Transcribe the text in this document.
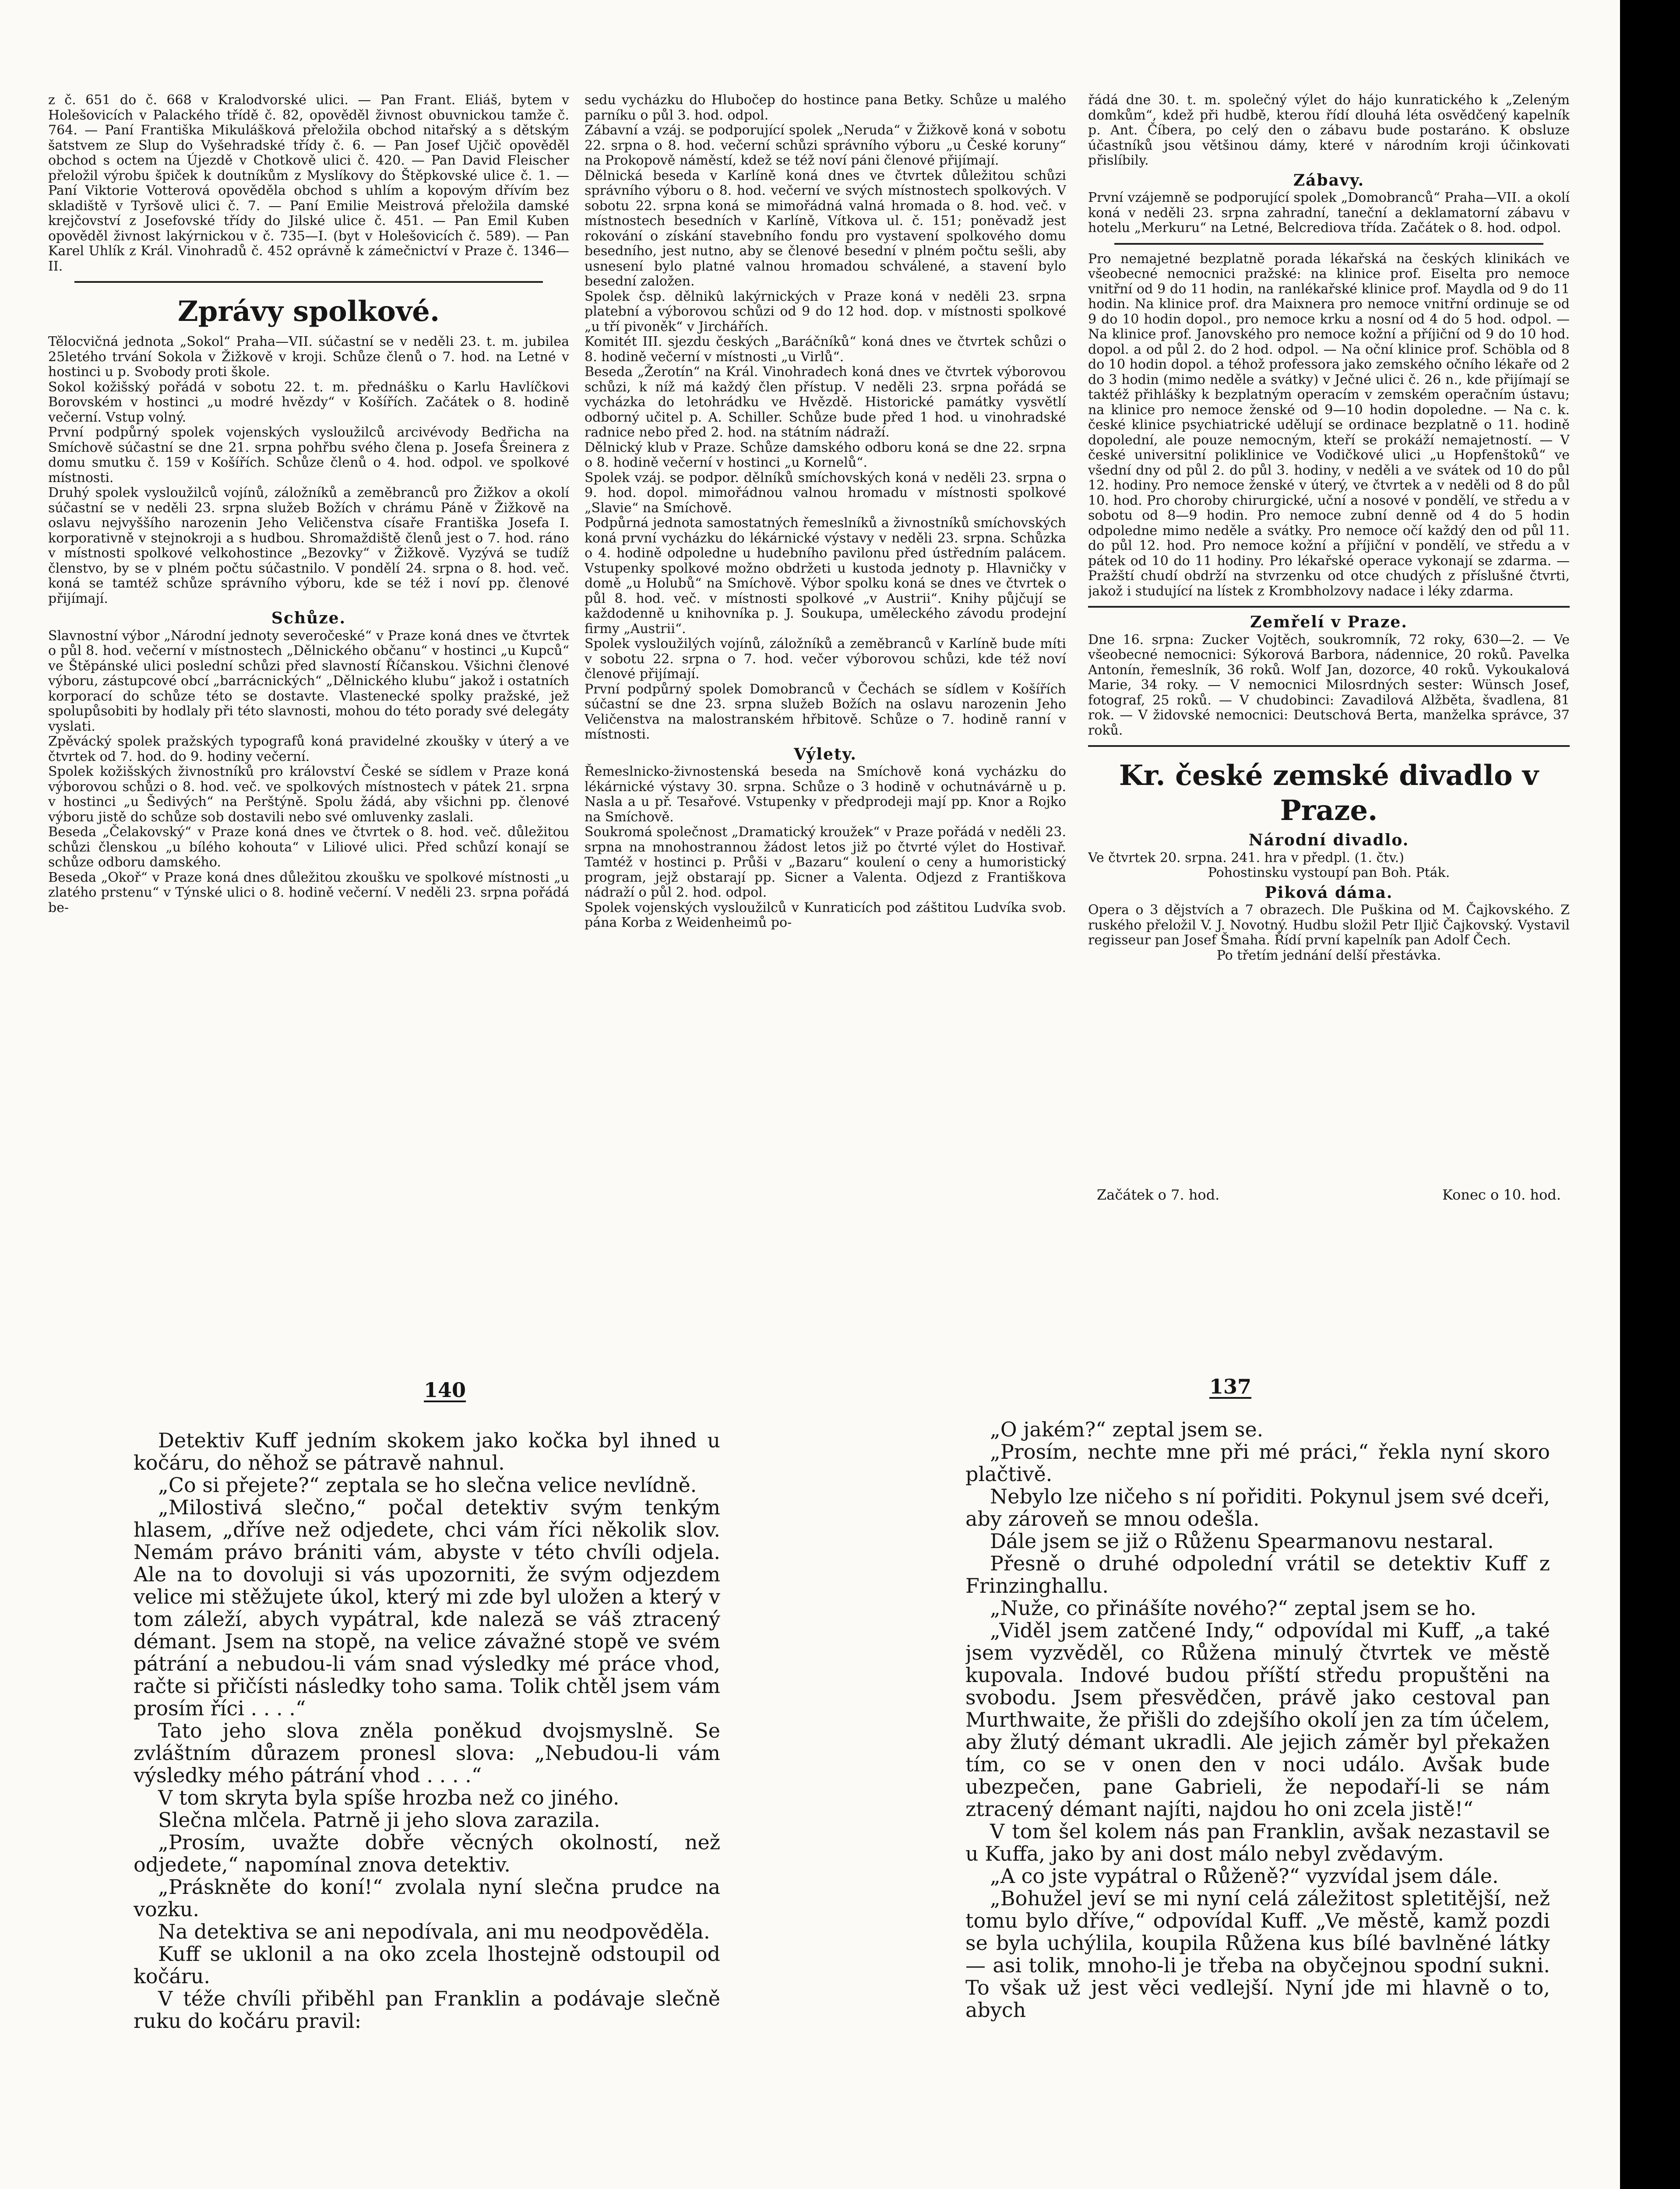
z č. 651 do č. 668 v Kralodvorské ulici. — Pan Frant. Eliáš, bytem v Holešovicích v Palackého třídě č. 82, opověděl živnost obuvnickou tamže č. 764. — Paní Františka Mikulášková přeložila obchod nitařský a s dětským šatstvem ze Slup do Vyšehradské třídy č. 6. — Pan Josef Ujčič opověděl obchod s octem na Újezdě v Chotkově ulici č. 420. — Pan David Fleischer přeložil výrobu špiček k doutníkům z Myslíkovy do Štěpkovské ulice č. 1. — Paní Viktorie Votterová opověděla obchod s uhlím a kopovým dřívím bez skladiště v Tyršově ulici č. 7. — Paní Emilie Meistrová přeložila damské krejčovství z Josefovské třídy do Jilské ulice č. 451. — Pan Emil Kuben opověděl živnost lakýrnickou v č. 735—I. (byt v Holešovicích č. 589). — Pan Karel Uhlík z Král. Vinohradů č. 452 oprávně k zámečnictví v Praze č. 1346—II.

Zprávy spolkové.

Tělocvičná jednota „Sokol“ Praha—VII. súčastní se v neděli 23. t. m. jubilea 25letého trvání Sokola v Žižkově v kroji. Schůze členů o 7. hod. na Letné v hostinci u p. Svobody proti škole.

Sokol kožišský pořádá v sobotu 22. t. m. přednášku o Karlu Havlíčkovi Borovském v hostinci „u modré hvězdy“ v Košířích. Začátek o 8. hodině večerní. Vstup volný.

První podpůrný spolek vojenských vysloužilců arcivévody Bedřicha na Smíchově súčastní se dne 21. srpna pohřbu svého člena p. Josefa Šreinera z domu smutku č. 159 v Košířích. Schůze členů o 4. hod. odpol. ve spolkové místnosti.

Druhý spolek vysloužilců vojínů, záložníků a zeměbranců pro Žižkov a okolí súčastní se v neděli 23. srpna služeb Božích v chrámu Páně v Žižkově na oslavu nejvyššího narozenin Jeho Veličenstva císaře Františka Josefa I. korporativně v stejnokroji a s hudbou. Shromaždiště členů jest o 7. hod. ráno v místnosti spolkové velkohostince „Bezovky“ v Žižkově. Vyzývá se tudíž členstvo, by se v plném počtu súčastnilo. V pondělí 24. srpna o 8. hod. več. koná se tamtéž schůze správního výboru, kde se též i noví pp. členové přijímají.

Schůze.

Slavnostní výbor „Národní jednoty severočeské“ v Praze koná dnes ve čtvrtek o půl 8. hod. večerní v místnostech „Dělnického občanu“ v hostinci „u Kupců“ ve Štěpánské ulici poslední schůzi před slavností Říčanskou. Všichni členové výboru, zástupcové obcí „barrácnických“ „Dělnického klubu“ jakož i ostatních korporací do schůze této se dostavte. Vlastenecké spolky pražské, jež spolupůsobiti by hodlaly při této slavnosti, mohou do této porady své delegáty vyslati.

Zpěvácký spolek pražských typografů koná pravidelné zkoušky v úterý a ve čtvrtek od 7. hod. do 9. hodiny večerní.

Spolek kožišských živnostníků pro království České se sídlem v Praze koná výborovou schůzi o 8. hod. več. ve spolkových místnostech v pátek 21. srpna v hostinci „u Šedivých“ na Perštýně. Spolu žádá, aby všichni pp. členové výboru jistě do schůze sob dostavili nebo své omluvenky zaslali.

Beseda „Čelakovský“ v Praze koná dnes ve čtvrtek o 8. hod. več. důležitou schůzi členskou „u bílého kohouta“ v Liliové ulici. Před schůzí konají se schůze odboru damského.

Beseda „Okoř“ v Praze koná dnes důležitou zkoušku ve spolkové místnosti „u zlatého prstenu“ v Týnské ulici o 8. hodině večerní. V neděli 23. srpna pořádá be-

sedu vycházku do Hlubočep do hostince pana Betky. Schůze u malého parníku o půl 3. hod. odpol.

Zábavní a vzáj. se podporující spolek „Neruda“ v Žižkově koná v sobotu 22. srpna o 8. hod. večerní schůzi správního výboru „u České koruny“ na Prokopově náměstí, kdež se též noví páni členové přijímají.

Dělnická beseda v Karlíně koná dnes ve čtvrtek důležitou schůzi správního výboru o 8. hod. večerní ve svých místnostech spolkových. V sobotu 22. srpna koná se mimořádná valná hromada o 8. hod. več. v místnostech besedních v Karlíně, Vítkova ul. č. 151; poněvadž jest rokování o získání stavebního fondu pro vystavení spolkového domu besedního, jest nutno, aby se členové besední v plném počtu sešli, aby usnesení bylo platné valnou hromadou schválené, a stavení bylo besední založen.

Spolek čsp. dělnikû lakýrnických v Praze koná v neděli 23. srpna platební a výborovou schůzi od 9 do 12 hod. dop. v místnosti spolkové „u tří pivoněk“ v Jirchářích.

Komitét III. sjezdu českých „Baráčníků“ koná dnes ve čtvrtek schůzi o 8. hodině večerní v místnosti „u Virlů“.

Beseda „Žerotín“ na Král. Vinohradech koná dnes ve čtvrtek výborovou schůzi, k níž má každý člen přístup. V neděli 23. srpna pořádá se vycházka do letohrádku ve Hvězdě. Historické památky vysvětlí odborný učitel p. A. Schiller. Schůze bude před 1 hod. u vinohradské radnice nebo před 2. hod. na státním nádraží.

Dělnický klub v Praze. Schůze damského odboru koná se dne 22. srpna o 8. hodině večerní v hostinci „u Kornelů“.

Spolek vzáj. se podpor. dělníků smíchovských koná v neděli 23. srpna o 9. hod. dopol. mimořádnou valnou hromadu v místnosti spolkové „Slavie“ na Smíchově.

Podpůrná jednota samostatných řemeslníků a živnostníků smíchovských koná první vycházku do lékárnické výstavy v neděli 23. srpna. Schůzka o 4. hodině odpoledne u hudebního pavilonu před ústředním palácem. Vstupenky spolkové možno obdržeti u kustoda jednoty p. Hlavničky v domě „u Holubů“ na Smíchově. Výbor spolku koná se dnes ve čtvrtek o půl 8. hod. več. v místnosti spolkové „v Austrii“. Knihy půjčují se každodenně u knihovníka p. J. Soukupa, uměleckého závodu prodejní firmy „Austrii“.

Spolek vysloužilých vojínů, záložníků a zeměbranců v Karlíně bude míti v sobotu 22. srpna o 7. hod. večer výborovou schůzi, kde též noví členové přijímají.

První podpůrný spolek Domobranců v Čechách se sídlem v Košířích súčastní se dne 23. srpna služeb Božích na oslavu narozenin Jeho Veličenstva na malostranském hřbitově. Schůze o 7. hodině ranní v místnosti.

Výlety.

Řemeslnicko-živnostenská beseda na Smíchově koná vycházku do lékárnické výstavy 30. srpna. Schůze o 3 hodině v ochutnávárně u p. Nasla a u př. Tesařové. Vstupenky v předprodeji mají pp. Knor a Rojko na Smíchově.

Soukromá společnost „Dramatický kroužek“ v Praze pořádá v neděli 23. srpna na mnohostrannou žádost letos již po čtvrté výlet do Hostivař. Tamtéž v hostinci p. Průši v „Bazaru“ koulení o ceny a humoristický program, jejž obstarají pp. Sicner a Valenta. Odjezd z Františkova nádraží o půl 2. hod. odpol.

Spolek vojenských vysloužilců v Kunraticích pod záštitou Ludvíka svob. pána Korba z Weidenheimů po-

řádá dne 30. t. m. společný výlet do hájo kunratického k „Zeleným domkům“, kdež při hudbě, kterou řídí dlouhá léta osvědčený kapelník p. Ant. Číbera, po celý den o zábavu bude postaráno. K obsluze účastníků jsou většinou dámy, které v národním kroji účinkovati přislíbily.

Zábavy.

První vzájemně se podporující spolek „Domobranců“ Praha—VII. a okolí koná v neděli 23. srpna zahradní, taneční a deklamatorní zábavu v hotelu „Merkuru“ na Letné, Belcrediova třída. Začátek o 8. hod. odpol.

Pro nemajetné bezplatně porada lékařská na českých klinikách ve všeobecné nemocnici pražské: na klinice prof. Eiselta pro nemoce vnitřní od 9 do 11 hodin, na ranlékařské klinice prof. Maydla od 9 do 11 hodin. Na klinice prof. dra Maixnera pro nemoce vnitřní ordinuje se od 9 do 10 hodin dopol., pro nemoce krku a nosní od 4 do 5 hod. odpol. — Na klinice prof. Janovského pro nemoce kožní a příjiční od 9 do 10 hod. dopol. a od půl 2. do 2 hod. odpol. — Na oční klinice prof. Schöbla od 8 do 10 hodin dopol. a téhož professora jako zemského očního lékaře od 2 do 3 hodin (mimo neděle a svátky) v Ječné ulici č. 26 n., kde přijímají se taktéž přihlášky k bezplatným operacím v zemském operačním ústavu; na klinice pro nemoce ženské od 9—10 hodin dopoledne. — Na c. k. české klinice psychiatrické udělují se ordinace bezplatně o 11. hodině dopolední, ale pouze nemocným, kteří se prokáží nemajetností. — V české universitní poliklinice ve Vodičkové ulici „u Hopfenštoků“ ve všední dny od půl 2. do půl 3. hodiny, v neděli a ve svátek od 10 do půl 12. hodiny. Pro nemoce ženské v úterý, ve čtvrtek a v neděli od 8 do půl 10. hod. Pro choroby chirurgické, uční a nosové v pondělí, ve středu a v sobotu od 8—9 hodin. Pro nemoce zubní denně od 4 do 5 hodin odpoledne mimo neděle a svátky. Pro nemoce očí každý den od půl 11. do půl 12. hod. Pro nemoce kožní a příjiční v pondělí, ve středu a v pátek od 10 do 11 hodiny. Pro lékařské operace vykonají se zdarma. — Pražští chudí obdrží na stvrzenku od otce chudých z příslušné čtvrti, jakož i studující na lístek z Krombholzovy nadace i léky zdarma.

Zemřelí v Praze.

Dne 16. srpna: Zucker Vojtěch, soukromník, 72 roky, 630—2. — Ve všeobecné nemocnici: Sýkorová Barbora, nádennice, 20 roků. Pavelka Antonín, řemeslník, 36 roků. Wolf Jan, dozorce, 40 roků. Vykoukalová Marie, 34 roky. — V nemocnici Milosrdných sester: Wünsch Josef, fotograf, 25 roků. — V chudobinci: Zavadilová Alžběta, švadlena, 81 rok. — V židovské nemocnici: Deutschová Berta, manželka správce, 37 roků.

Kr. české zemské divadlo v Praze.

Národní divadlo.

Ve čtvrtek 20. srpna. 241. hra v předpl. (1. čtv.)

Pohostinsku vystoupí pan Boh. Pták.

Piková dáma.

Opera o 3 dějstvích a 7 obrazech. Dle Puškina od M. Čajkovského. Z ruského přeložil V. J. Novotný. Hudbu složil Petr Iljič Čajkovský. Vystavil regisseur pan Josef Šmaha. Řídí první kapelník pan Adolf Čech.

Po třetím jednání delší přestávka.

Začátek o 7. hod.	Konec o 10. hod.
140	137

Detektiv Kuff jedním skokem jako kočka byl ihned u kočáru, do něhož se pátravě nahnul.

„Co si přejete?“ zeptala se ho slečna velice nevlídně.

„Milostivá slečno,“ počal detektiv svým tenkým hlasem, „dříve než odjedete, chci vám říci několik slov. Nemám právo brániti vám, abyste v této chvíli odjela. Ale na to dovoluji si vás upozorniti, že svým odjezdem velice mi stěžujete úkol, který mi zde byl uložen a který v tom záleží, abych vypátral, kde naleză se váš ztracený démant. Jsem na stopě, na velice závažné stopě ve svém pátrání a nebudou-li vám snad výsledky mé práce vhod, račte si přičísti následky toho sama. Tolik chtěl jsem vám prosím říci . . . .“

Tato jeho slova zněla poněkud dvojsmyslně. Se zvláštním důrazem pronesl slova: „Nebudou-li vám výsledky mého pátrání vhod . . . .“

V tom skryta byla spíše hrozba než co jiného.

Slečna mlčela. Patrně ji jeho slova zarazila.

„Prosím, uvažte dobře věcných okolností, než odjedete,“ napomínal znova detektiv.

„Práskněte do koní!“ zvolala nyní slečna prudce na vozku.

Na detektiva se ani nepodívala, ani mu neodpověděla.

Kuff se uklonil a na oko zcela lhostejně odstoupil od kočáru.

V téže chvíli přiběhl pan Franklin a podávaje slečně ruku do kočáru pravil:

„O jakém?“ zeptal jsem se.

„Prosím, nechte mne při mé práci,“ řekla nyní skoro plačtivě.

Nebylo lze ničeho s ní pořiditi. Pokynul jsem své dceři, aby zároveň se mnou odešla.

Dále jsem se již o Růženu Spearmanovu nestaral.

Přesně o druhé odpolední vrátil se detektiv Kuff z Frinzinghallu.

„Nuže, co přinášíte nového?“ zeptal jsem se ho.

„Viděl jsem zatčené Indy,“ odpovídal mi Kuff, „a také jsem vyzvěděl, co Růžena minulý čtvrtek ve městě kupovala. Indové budou příští středu propuštěni na svobodu. Jsem přesvědčen, právě jako cestoval pan Murthwaite, že přišli do zdejšího okolí jen za tím účelem, aby žlutý démant ukradli. Ale jejich záměr byl překažen tím, co se v onen den v noci událo. Avšak bude ubezpečen, pane Gabrieli, že nepodaří-li se nám ztracený démant najíti, najdou ho oni zcela jistě!“

V tom šel kolem nás pan Franklin, avšak nezastavil se u Kuffa, jako by ani dost málo nebyl zvědavým.

„A co jste vypátral o Růženě?“ vyzvídal jsem dále.

„Bohužel jeví se mi nyní celá záležitost spletitější, než tomu bylo dříve,“ odpovídal Kuff. „Ve městě, kamž pozdi se byla uchýlila, koupila Růžena kus bílé bavlněné látky — asi tolik, mnoho-li je třeba na obyčejnou spodní sukni. To však už jest věci vedlejší. Nyní jde mi hlavně o to, abych
